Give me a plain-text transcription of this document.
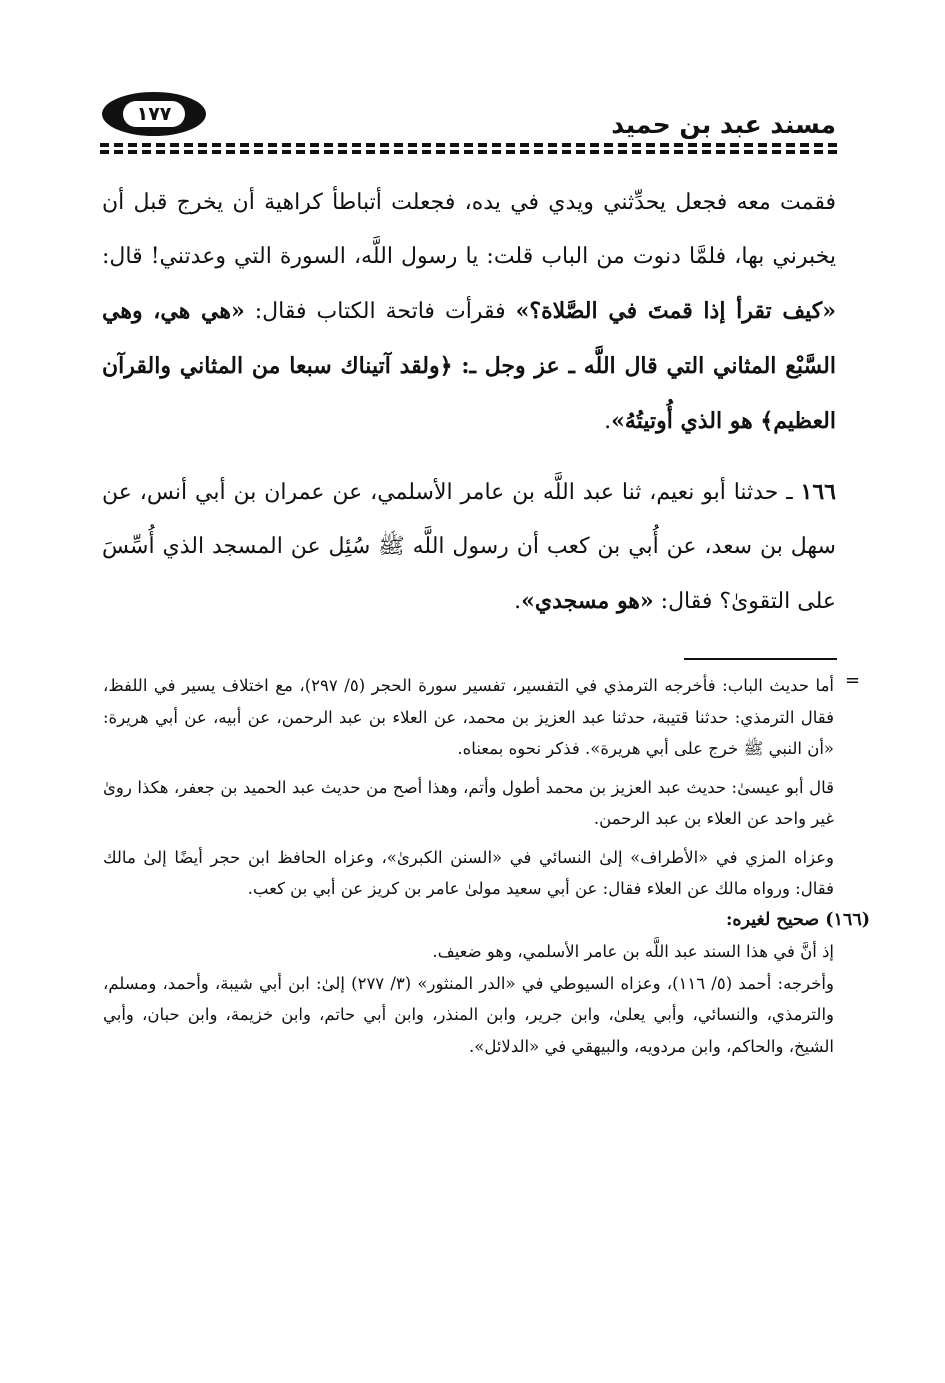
مسند عبد بن حميد
١٧٧

فقمت معه فجعل يحدِّثني ويدي في يده، فجعلت أتباطأ كراهية أن يخرج قبل أن يخبرني بها، فلمَّا دنوت من الباب قلت: يا رسول اللَّه، السورة التي وعدتني! قال: «كيف تقرأ إذا قمتَ في الصَّلاة؟» فقرأت فاتحة الكتاب فقال: «هي هي، وهي السَّبْع المثاني التي قال اللَّه ـ عز وجل ـ: ﴿ولقد آتيناك سبعا من المثاني والقرآن العظيم﴾ هو الذي أُوتيتُهُ».

١٦٦ ـ حدثنا أبو نعيم، ثنا عبد اللَّه بن عامر الأسلمي، عن عمران بن أبي أنس، عن سهل بن سعد، عن أُبي بن كعب أن رسول اللَّه ﷺ سُئِل عن المسجد الذي أُسِّسَ على التقوىٰ؟ فقال: «هو مسجدي».

=

أما حديث الباب: فأخرجه الترمذي في التفسير، تفسير سورة الحجر (٥/ ٢٩٧)، مع اختلاف يسير في اللفظ، فقال الترمذي: حدثنا قتيبة، حدثنا عبد العزيز بن محمد، عن العلاء بن عبد الرحمن، عن أبيه، عن أبي هريرة: «أن النبي ﷺ خرج على أبي هريرة». فذكر نحوه بمعناه.

قال أبو عيسىٰ: حديث عبد العزيز بن محمد أطول وأتم، وهذا أصح من حديث عبد الحميد بن جعفر، هكذا روىٰ غير واحد عن العلاء بن عبد الرحمن.

وعزاه المزي في «الأطراف» إلىٰ النسائي في «السنن الكبرىٰ»، وعزاه الحافظ ابن حجر أيضًا إلىٰ مالك فقال: ورواه مالك عن العلاء فقال: عن أبي سعيد مولىٰ عامر بن كريز عن أبي بن كعب.

(١٦٦) صحيح لغيره:

إذ أنَّ في هذا السند عبد اللَّه بن عامر الأسلمي، وهو ضعيف.

وأخرجه: أحمد (٥/ ١١٦)، وعزاه السيوطي في «الدر المنثور» (٣/ ٢٧٧) إلىٰ: ابن أبي شيبة، وأحمد، ومسلم، والترمذي، والنسائي، وأبي يعلىٰ، وابن جرير، وابن المنذر، وابن أبي حاتم، وابن خزيمة، وابن حبان، وأبي الشيخ، والحاكم، وابن مردويه، والبيهقي في «الدلائل».
